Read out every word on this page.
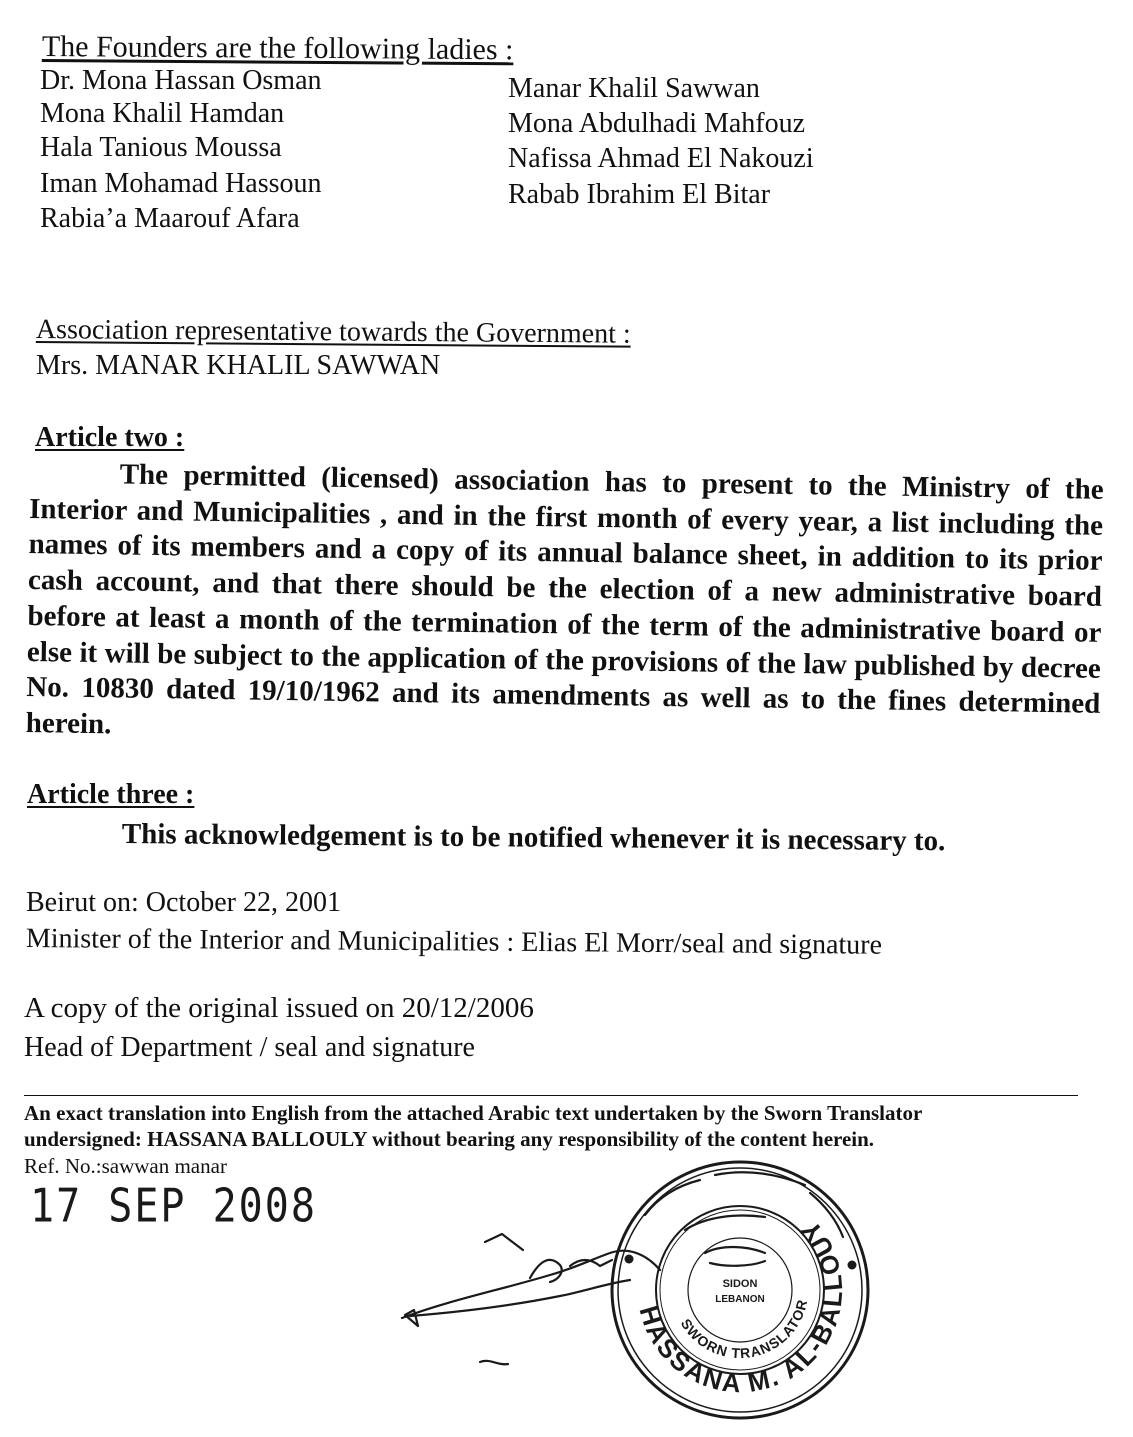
The Founders are the following ladies :
Dr. Mona Hassan Osman
Mona Khalil Hamdan
Hala Tanious Moussa
Iman Mohamad Hassoun
Rabia’a Maarouf Afara
Manar Khalil Sawwan
Mona Abdulhadi Mahfouz
Nafissa Ahmad El Nakouzi
Rabab Ibrahim El Bitar
Association representative towards the Government :
Mrs. MANAR KHALIL SAWWAN
Article two :
The permitted (licensed) association has to present to the Ministry of the Interior and Municipalities , and in the first month of every year, a list including the names of its members and a copy of its annual balance sheet, in addition to its prior cash account, and that there should be the election of a new administrative board before at least a month of the termination of the term of the administrative board or else it will be subject to the application of the provisions of the law published by decree No. 10830 dated 19/10/1962 and its amendments as well as to the fines determined herein.
Article three :
This acknowledgement is to be notified whenever it is necessary to.
Beirut on: October 22, 2001
Minister of the Interior and Municipalities : Elias El Morr/seal and signature
A copy of the original issued on 20/12/2006
Head of Department / seal and signature
An exact translation into English from the attached Arabic text undertaken by the Sworn Translator
undersigned: HASSANA BALLOULY without bearing any responsibility of the content herein.
Ref. No.:sawwan manar
17 SEP 2008
HASSANA M. AL-BALLOUY
SWORN TRANSLATOR
SIDON
LEBANON
